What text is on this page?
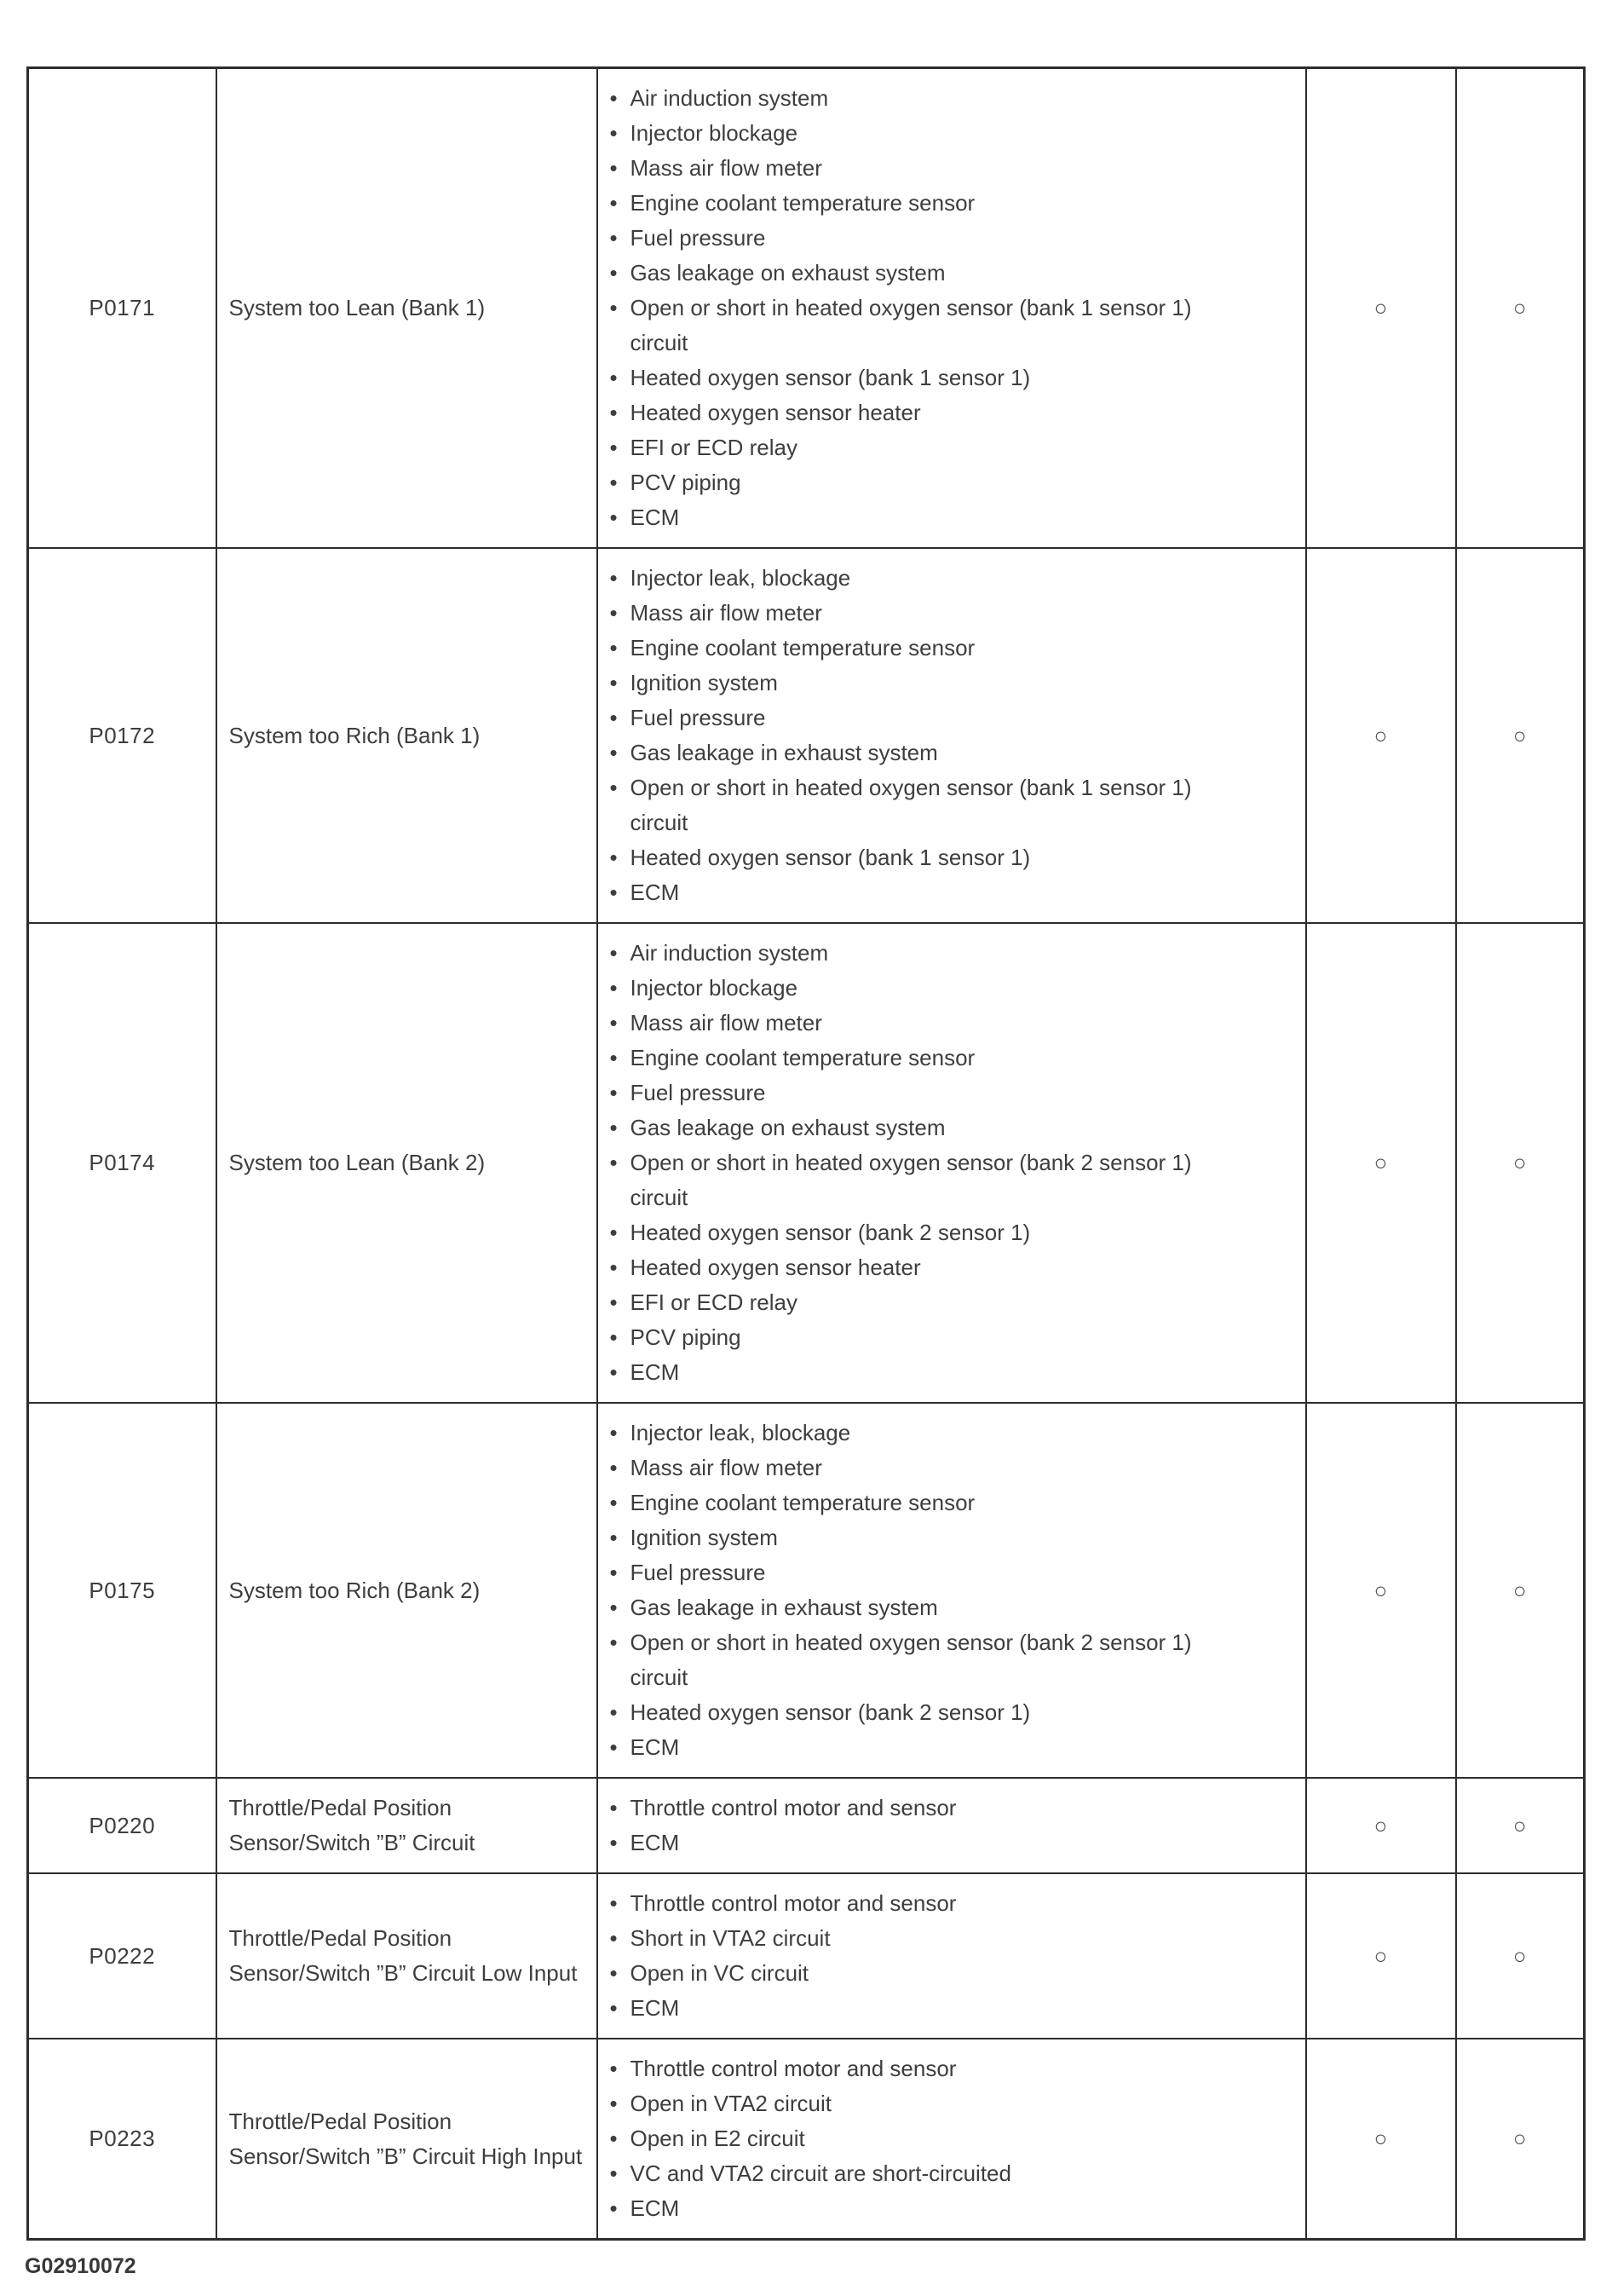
P0171	System too Lean (Bank 1)	
• Air induction system
• Injector blockage
• Mass air flow meter
• Engine coolant temperature sensor
• Fuel pressure
• Gas leakage on exhaust system
• Open or short in heated oxygen sensor (bank 1 sensor 1) circuit
• Heated oxygen sensor (bank 1 sensor 1)
• Heated oxygen sensor heater
• EFI or ECD relay
• PCV piping
• ECM
	○	○
P0172	System too Rich (Bank 1)	
• Injector leak, blockage
• Mass air flow meter
• Engine coolant temperature sensor
• Ignition system
• Fuel pressure
• Gas leakage in exhaust system
• Open or short in heated oxygen sensor (bank 1 sensor 1) circuit
• Heated oxygen sensor (bank 1 sensor 1)
• ECM
	○	○
P0174	System too Lean (Bank 2)	
• Air induction system
• Injector blockage
• Mass air flow meter
• Engine coolant temperature sensor
• Fuel pressure
• Gas leakage on exhaust system
• Open or short in heated oxygen sensor (bank 2 sensor 1) circuit
• Heated oxygen sensor (bank 2 sensor 1)
• Heated oxygen sensor heater
• EFI or ECD relay
• PCV piping
• ECM
	○	○
P0175	System too Rich (Bank 2)	
• Injector leak, blockage
• Mass air flow meter
• Engine coolant temperature sensor
• Ignition system
• Fuel pressure
• Gas leakage in exhaust system
• Open or short in heated oxygen sensor (bank 2 sensor 1) circuit
• Heated oxygen sensor (bank 2 sensor 1)
• ECM
	○	○
P0220	Throttle/Pedal Position Sensor/Switch ”B” Circuit	• Throttle control motor and sensor
• ECM	○	○
P0222	Throttle/Pedal Position Sensor/Switch ”B” Circuit Low Input	
• Throttle control motor and sensor
• Short in VTA2 circuit
• Open in VC circuit
• ECM
	○	○
P0223	Throttle/Pedal Position Sensor/Switch ”B” Circuit High Input	
• Throttle control motor and sensor
• Open in VTA2 circuit
• Open in E2 circuit
• VC and VTA2 circuit are short-circuited
• ECM
	○	○
G02910072
